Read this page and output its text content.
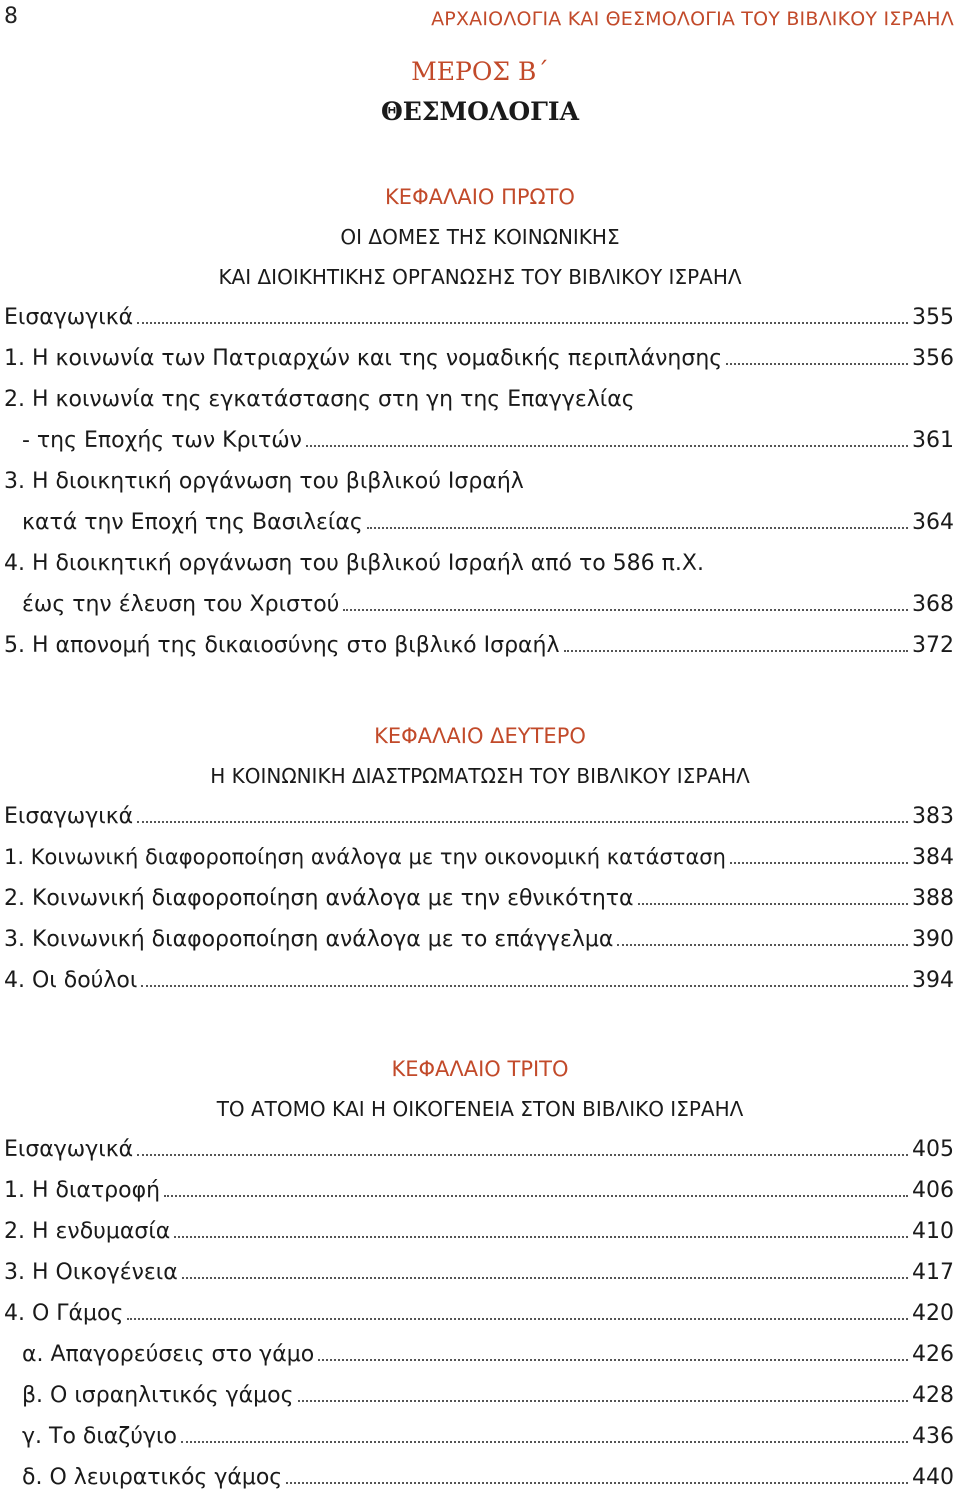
8	ΑΡΧΑΙΟΛΟΓΙΑ ΚΑΙ ΘΕΣΜΟΛΟΓΙΑ ΤΟΥ ΒΙΒΛΙΚΟΥ ΙΣΡΑΗΛ
ΜΕΡΟΣ Β΄
ΘΕΣΜΟΛΟΓΙΑ
ΚΕΦΑΛΑΙΟ ΠΡΩΤΟ
ΟΙ ΔΟΜΕΣ ΤΗΣ ΚΟΙΝΩΝΙΚΗΣ
ΚΑΙ ΔΙΟΙΚΗΤΙΚΗΣ ΟΡΓΑΝΩΣΗΣ ΤΟΥ ΒΙΒΛΙΚΟΥ ΙΣΡΑΗΛ
Εισαγωγικά	355
1. Η κοινωνία των Πατριαρχών και της νομαδικής περιπλάνησης	356
2. Η κοινωνία της εγκατάστασης στη γη της Επαγγελίας
- της Εποχής των Κριτών	361
3. Η διοικητική οργάνωση του βιβλικού Ισραήλ
κατά την Εποχή της Βασιλείας	364
4. Η διοικητική οργάνωση του βιβλικού Ισραήλ από το 586 π.Χ.
έως την έλευση του Χριστού	368
5. Η απονομή της δικαιοσύνης στο βιβλικό Ισραήλ	372
ΚΕΦΑΛΑΙΟ ΔΕΥΤΕΡΟ
Η ΚΟΙΝΩΝΙΚΗ ΔΙΑΣΤΡΩΜΑΤΩΣΗ ΤΟΥ ΒΙΒΛΙΚΟΥ ΙΣΡΑΗΛ
Εισαγωγικά	383
1. Κοινωνική διαφοροποίηση ανάλογα με την οικονομική κατάσταση	384
2. Κοινωνική διαφοροποίηση ανάλογα με την εθνικότητα	388
3. Κοινωνική διαφοροποίηση ανάλογα με το επάγγελμα	390
4. Οι δούλοι	394
ΚΕΦΑΛΑΙΟ ΤΡΙΤΟ
ΤΟ ΑΤΟΜΟ ΚΑΙ Η ΟΙΚΟΓΕΝΕΙΑ ΣΤΟΝ ΒΙΒΛΙΚΟ ΙΣΡΑΗΛ
Εισαγωγικά	405
1. Η διατροφή	406
2. Η ενδυμασία	410
3. Η Οικογένεια	417
4. Ο Γάμος	420
α. Απαγορεύσεις στο γάμο	426
β. Ο ισραηλιτικός γάμος	428
γ. Το διαζύγιο	436
δ. Ο λευιρατικός γάμος	440
